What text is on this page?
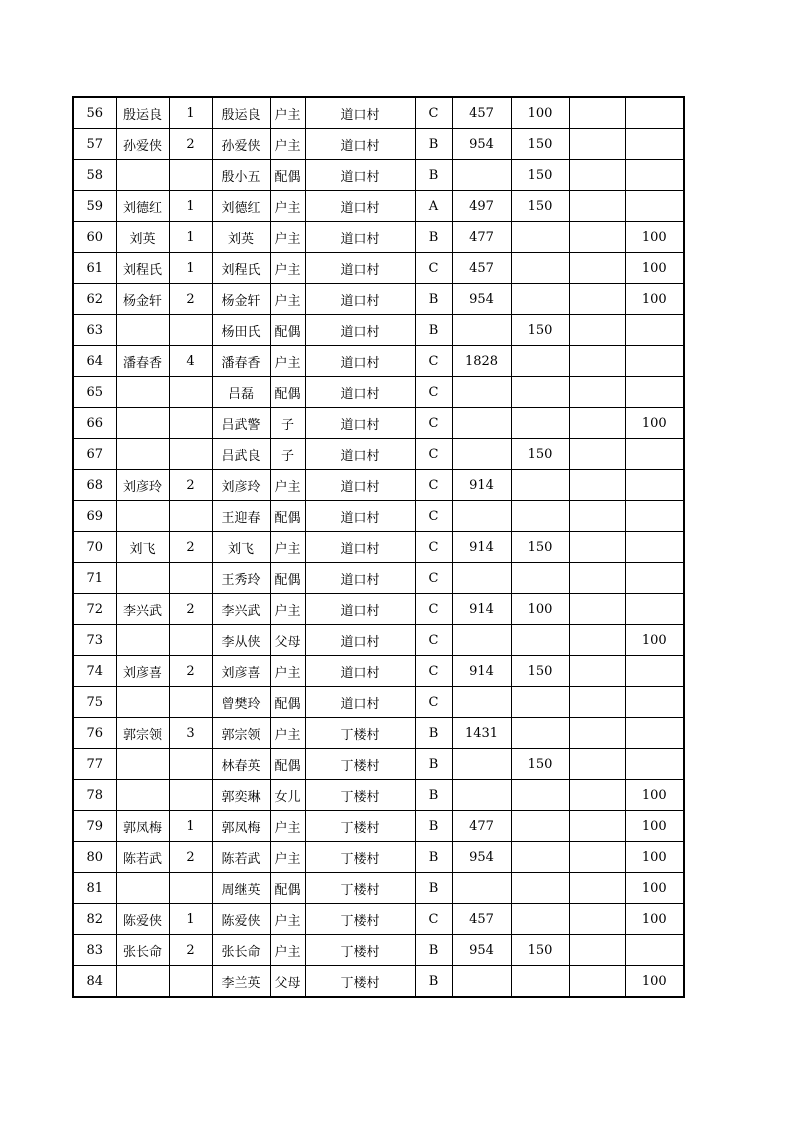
56	殷运良	1	殷运良	户主	道口村	C	457	100		
57	孙爱侠	2	孙爱侠	户主	道口村	B	954	150		
58			殷小五	配偶	道口村	B		150		
59	刘德红	1	刘德红	户主	道口村	A	497	150		
60	刘英	1	刘英	户主	道口村	B	477			100
61	刘程氏	1	刘程氏	户主	道口村	C	457			100
62	杨金轩	2	杨金轩	户主	道口村	B	954			100
63			杨田氏	配偶	道口村	B		150		
64	潘春香	4	潘春香	户主	道口村	C	1828			
65			吕磊	配偶	道口村	C				
66			吕武警	子	道口村	C				100
67			吕武良	子	道口村	C		150		
68	刘彦玲	2	刘彦玲	户主	道口村	C	914			
69			王迎春	配偶	道口村	C				
70	刘飞	2	刘飞	户主	道口村	C	914	150		
71			王秀玲	配偶	道口村	C				
72	李兴武	2	李兴武	户主	道口村	C	914	100		
73			李从侠	父母	道口村	C				100
74	刘彦喜	2	刘彦喜	户主	道口村	C	914	150		
75			曾樊玲	配偶	道口村	C				
76	郭宗领	3	郭宗领	户主	丁楼村	B	1431			
77			林春英	配偶	丁楼村	B		150		
78			郭奕琳	女儿	丁楼村	B				100
79	郭凤梅	1	郭凤梅	户主	丁楼村	B	477			100
80	陈若武	2	陈若武	户主	丁楼村	B	954			100
81			周继英	配偶	丁楼村	B				100
82	陈爱侠	1	陈爱侠	户主	丁楼村	C	457			100
83	张长命	2	张长命	户主	丁楼村	B	954	150		
84			李兰英	父母	丁楼村	B				100
